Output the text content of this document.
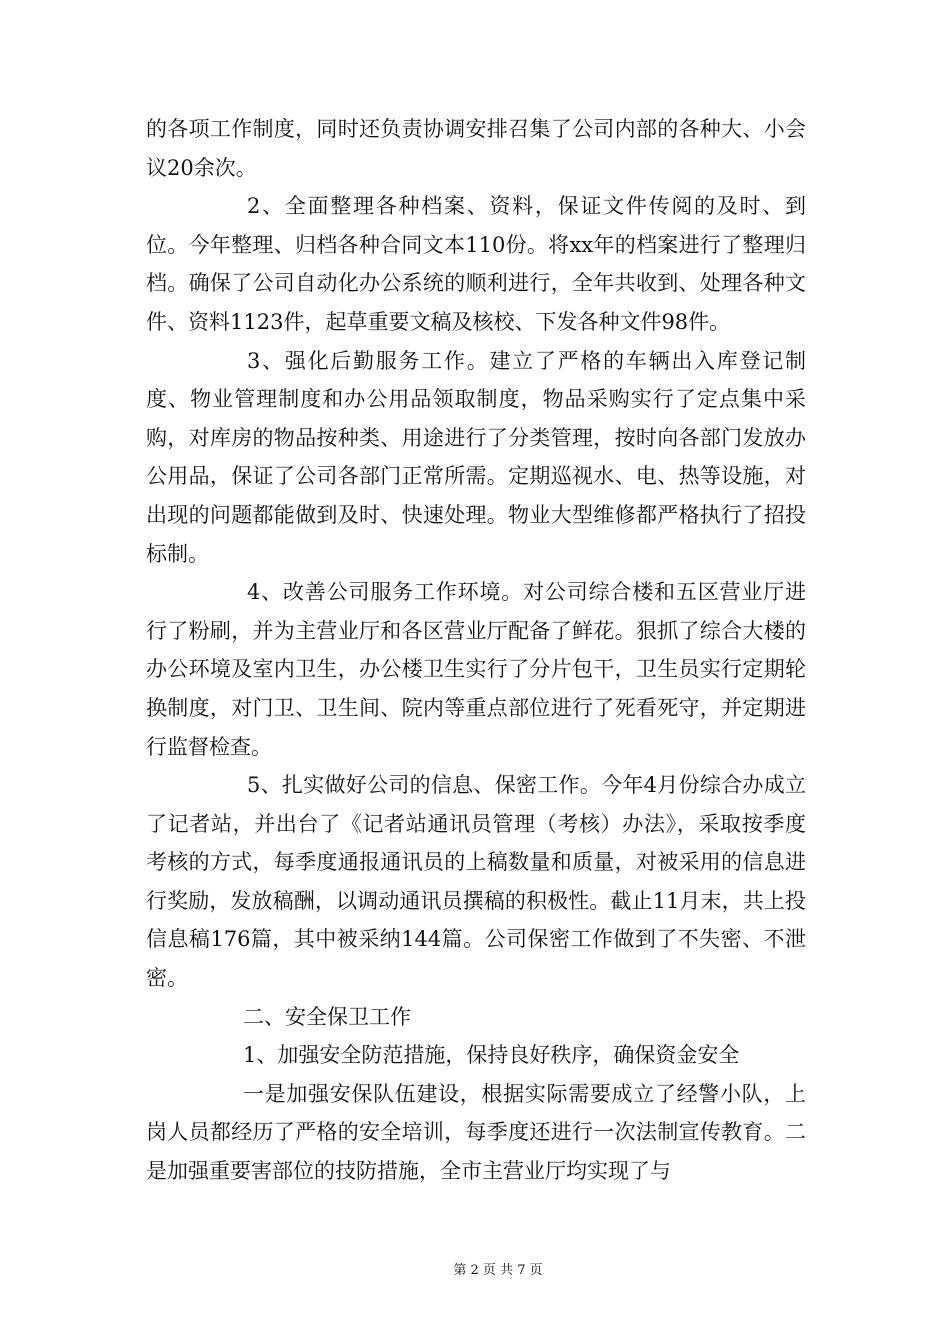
的各项工作制度，同时还负责协调安排召集了公司内部的各种大、小会议20余次。

2、全面整理各种档案、资料，保证文件传阅的及时、到位。今年整理、归档各种合同文本110份。将xx年的档案进行了整理归档。确保了公司自动化办公系统的顺利进行，全年共收到、处理各种文件、资料1123件，起草重要文稿及核校、下发各种文件98件。

3、强化后勤服务工作。建立了严格的车辆出入库登记制度、物业管理制度和办公用品领取制度，物品采购实行了定点集中采购，对库房的物品按种类、用途进行了分类管理，按时向各部门发放办公用品，保证了公司各部门正常所需。定期巡视水、电、热等设施，对出现的问题都能做到及时、快速处理。物业大型维修都严格执行了招投标制。

4、改善公司服务工作环境。对公司综合楼和五区营业厅进行了粉刷，并为主营业厅和各区营业厅配备了鲜花。狠抓了综合大楼的办公环境及室内卫生，办公楼卫生实行了分片包干，卫生员实行定期轮换制度，对门卫、卫生间、院内等重点部位进行了死看死守，并定期进行监督检查。

5、扎实做好公司的信息、保密工作。今年4月份综合办成立了记者站，并出台了《记者站通讯员管理（考核）办法》，采取按季度考核的方式，每季度通报通讯员的上稿数量和质量，对被采用的信息进行奖励，发放稿酬，以调动通讯员撰稿的积极性。截止11月末，共上投信息稿176篇，其中被采纳144篇。公司保密工作做到了不失密、不泄密。

二、安全保卫工作

1、加强安全防范措施，保持良好秩序，确保资金安全

一是加强安保队伍建设，根据实际需要成立了经警小队，上岗人员都经历了严格的安全培训，每季度还进行一次法制宣传教育。二是加强重要害部位的技防措施，全市主营业厅均实现了与

第 2 页 共 7 页
